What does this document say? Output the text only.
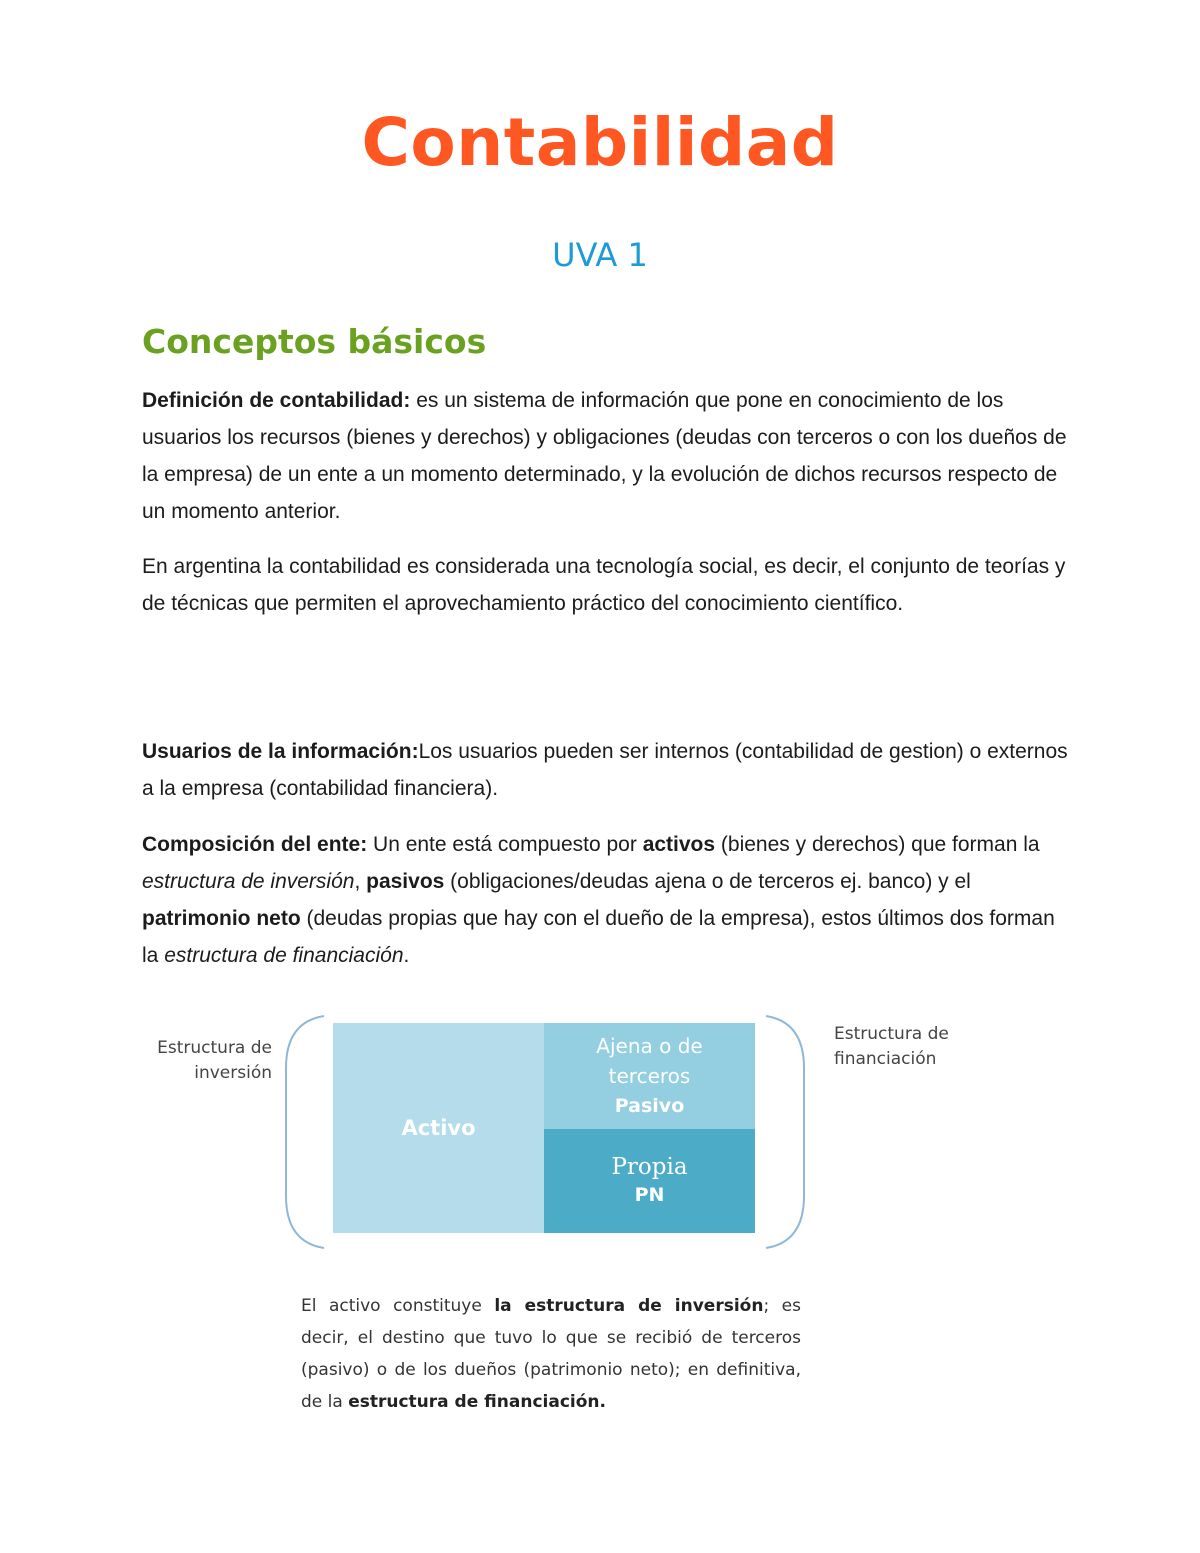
Contabilidad
UVA 1
Conceptos básicos

Definición de contabilidad: es un sistema de información que pone en conocimiento de los usuarios los recursos (bienes y derechos) y obligaciones (deudas con terceros o con los dueños de la empresa) de un ente a un momento determinado, y la evolución de dichos recursos respecto de un momento anterior.

En argentina la contabilidad es considerada una tecnología social, es decir, el conjunto de teorías y de técnicas que permiten el aprovechamiento práctico del conocimiento científico.

Usuarios de la información:Los usuarios pueden ser internos (contabilidad de gestion) o externos a la empresa (contabilidad financiera).

Composición del ente: Un ente está compuesto por activos (bienes y derechos) que forman la estructura de inversión, pasivos (obligaciones/deudas ajena o de terceros ej. banco) y el patrimonio neto (deudas propias que hay con el dueño de la empresa), estos últimos dos forman la estructura de financiación.

Estructura de
inversión
Estructura de
financiación
Activo
Ajena o de
terceros
Pasivo
Propia
PN

El activo constituye la estructura de inversión; es decir, el destino que tuvo lo que se recibió de terceros (pasivo) o de los dueños (patrimonio neto); en definitiva, de la estructura de financiación.
